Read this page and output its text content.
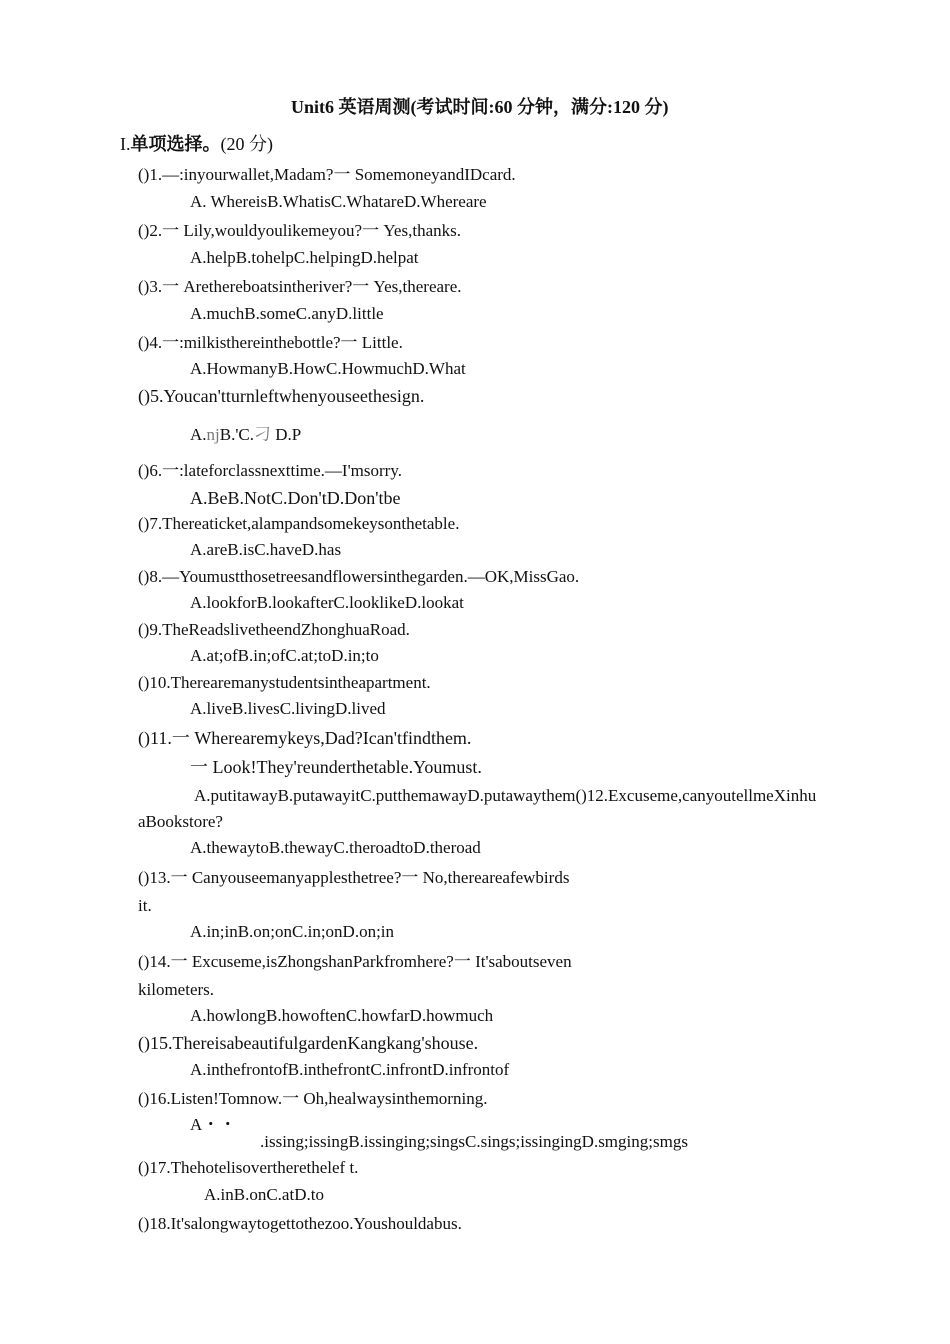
Unit6 英语周测(考试时间:60 分钟，满分:120 分)
I.单项选择。(20 分)
()1.—:inyourwallet,Madam?一 SomemoneyandIDcard.
A. WhereisB.WhatisC.WhatareD.Whereare
()2.一 Lily,wouldyoulikemeyou?一 Yes,thanks.
A.helpB.tohelpC.helpingD.helpat
()3.一 Arethereboatsintheriver?一 Yes,thereare.
A.muchB.someC.anyD.little
()4.一:milkisthereinthebottle?一 Little.
A.HowmanyB.HowC.HowmuchD.What
()5.Youcan'tturnleftwhenyouseethesign.
A.njB.'C.刁 D.P
()6.一:lateforclassnexttime.—I'msorry.
A.BeB.NotC.Don'tD.Don'tbe
()7.Thereaticket,alampandsomekeysonthetable.
A.areB.isC.haveD.has
()8.—Youmustthosetreesandflowersinthegarden.—OK,MissGao.
A.lookforB.lookafterC.looklikeD.lookat
()9.TheReadslivetheendZhonghuaRoad.
A.at;ofB.in;ofC.at;toD.in;to
()10.Therearemanystudentsintheapartment.
A.liveB.livesC.livingD.lived
()11.一 Wherearemykeys,Dad?Ican'tfindthem.
一 Look!They'reunderthetable.Youmust.
A.putitawayB.putawayitC.putthemawayD.putawaythem()12.Excuseme,canyoutellmeXinhu
aBookstore?
A.thewaytoB.thewayC.theroadtoD.theroad
()13.一 Canyouseemanyapplesthetree?一 No,thereareafewbirds
it.
A.in;inB.on;onC.in;onD.on;in
()14.一 Excuseme,isZhongshanParkfromhere?一 It'saboutseven
kilometers.
A.howlongB.howoftenC.howfarD.howmuch
()15.ThereisabeautifulgardenKangkang'shouse.
A.inthefrontofB.inthefrontC.infrontD.infrontof
()16.Listen!Tomnow.一 Oh,healwaysinthemorning.
A・・
.issing;issingB.issinging;singsC.sings;issingingD.smging;smgs
()17.Thehotelisovertherethelef t.
A.inB.onC.atD.to
()18.It'salongwaytogettothezoo.Youshouldabus.
